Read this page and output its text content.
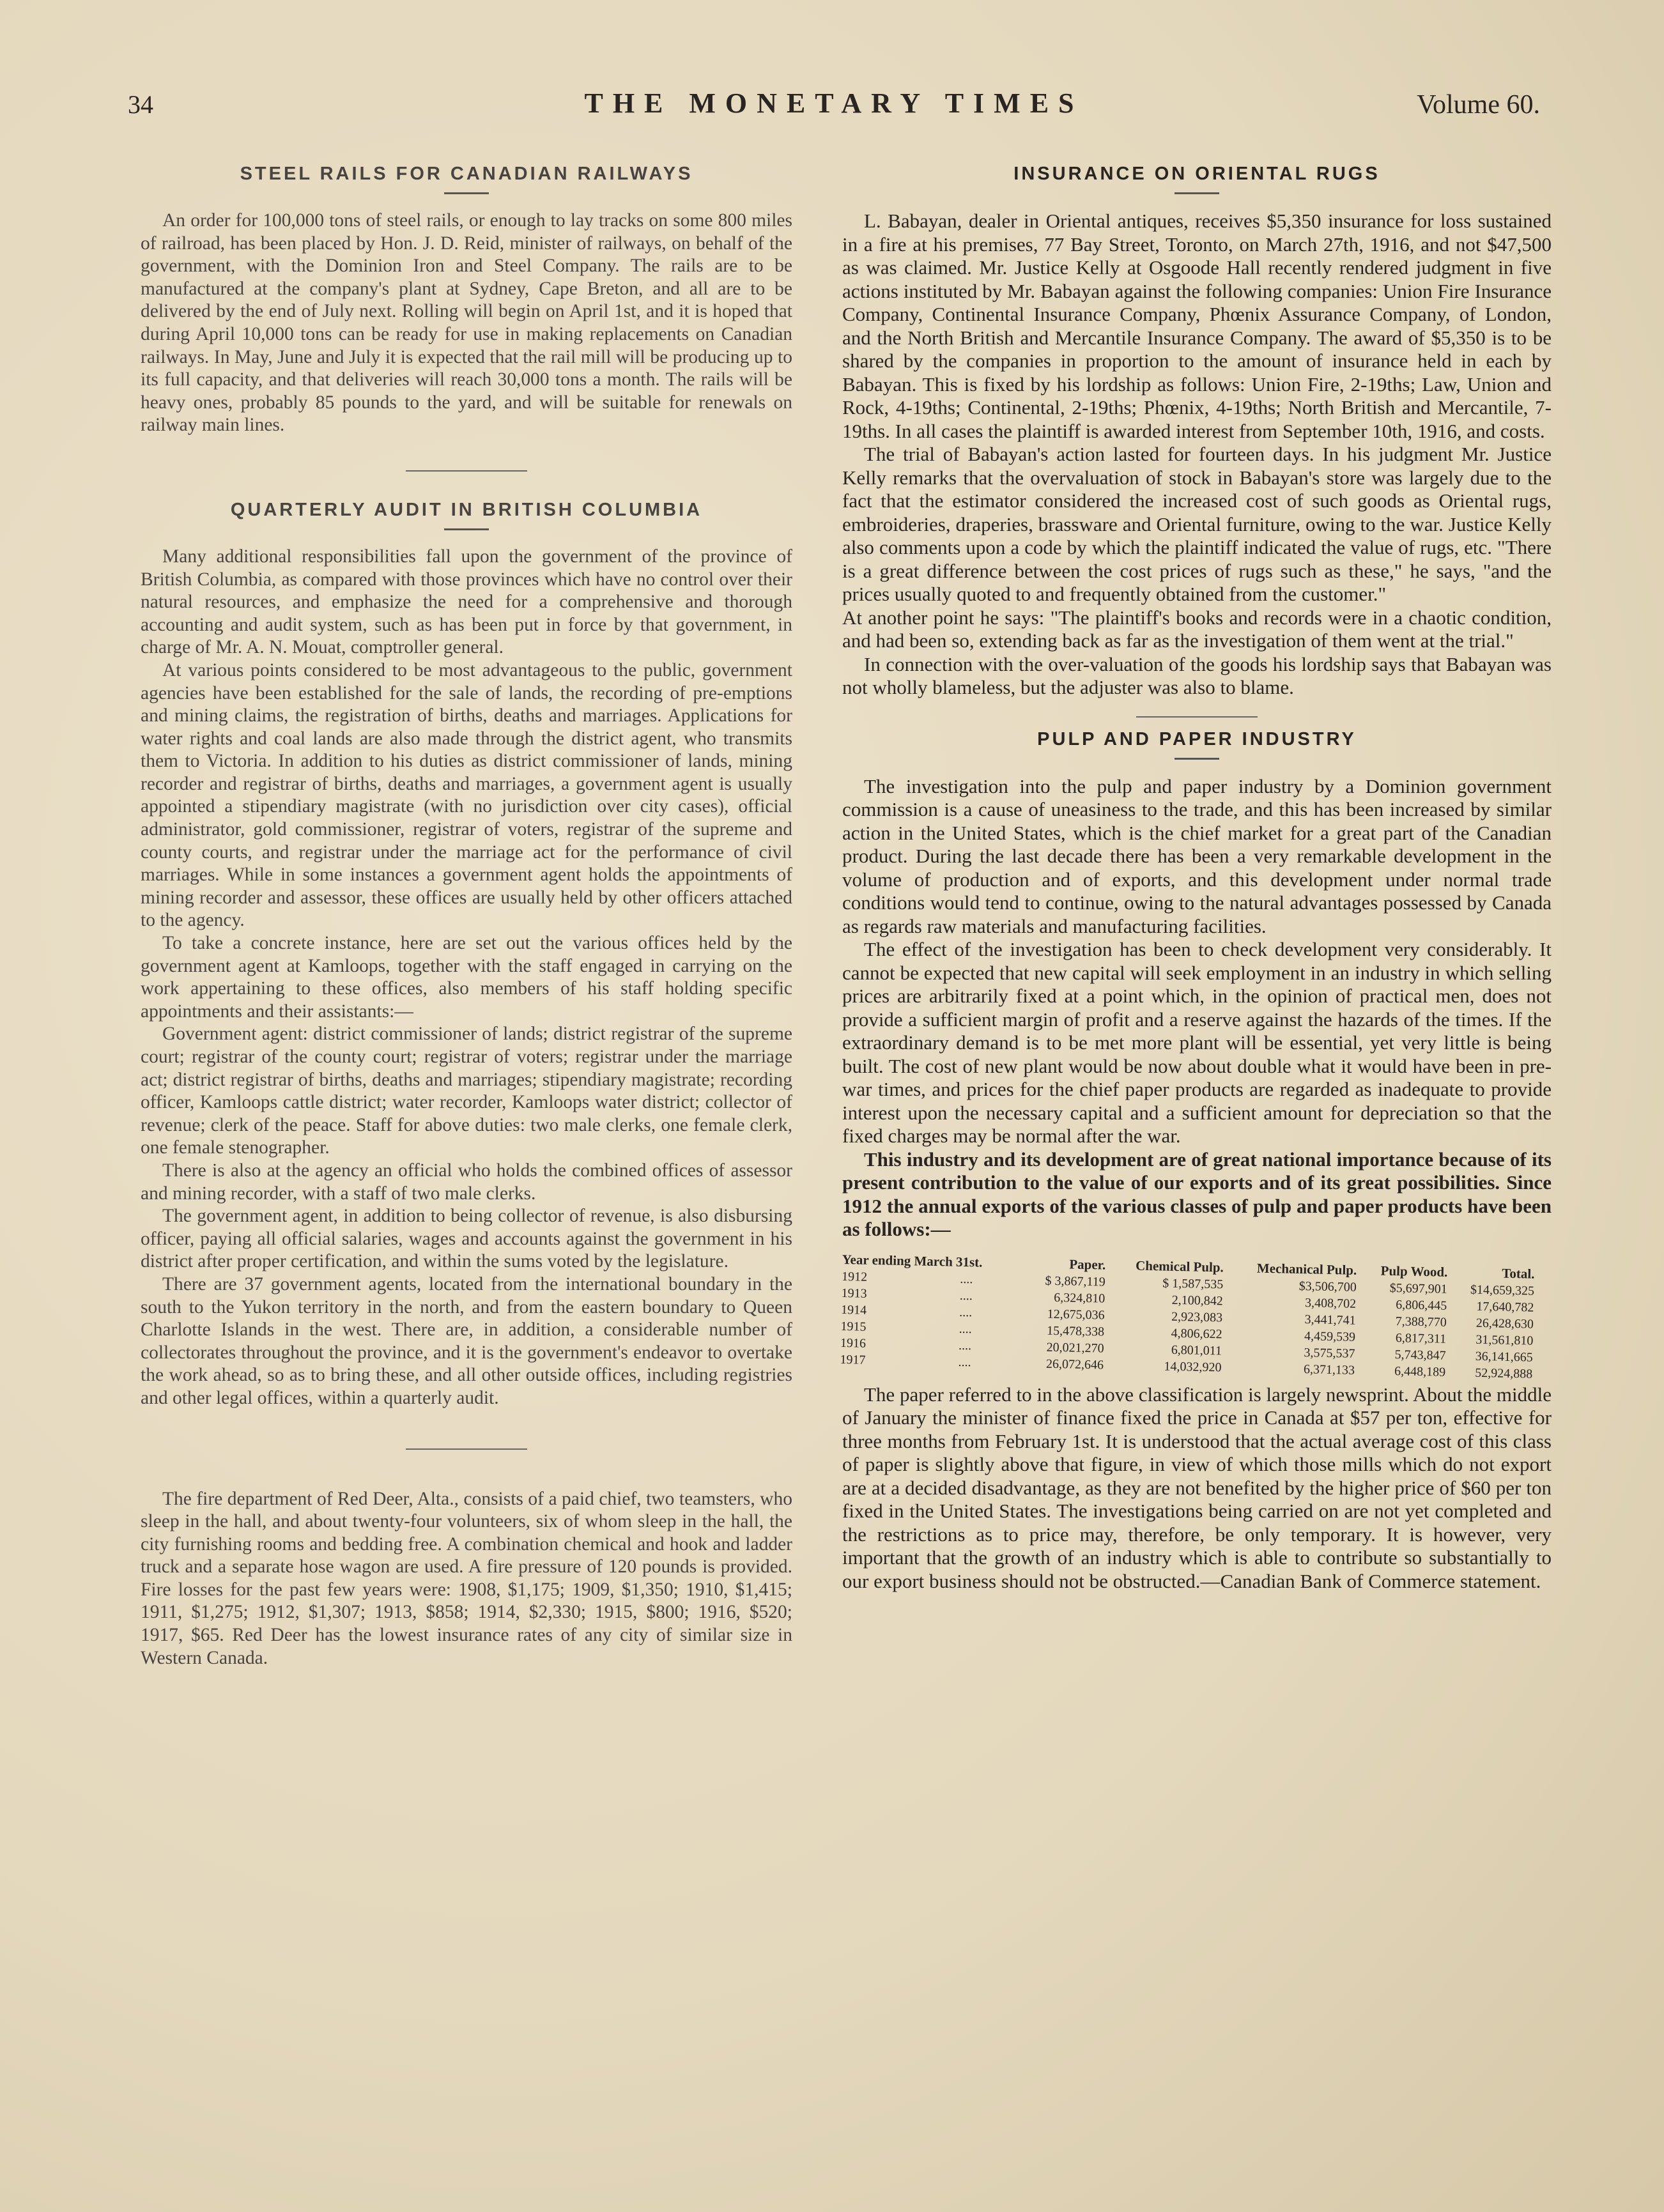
34	THE MONETARY TIMES	Volume 60.
STEEL RAILS FOR CANADIAN RAILWAYS

An order for 100,000 tons of steel rails, or enough to lay tracks on some 800 miles of railroad, has been placed by Hon. J. D. Reid, minister of railways, on behalf of the government, with the Dominion Iron and Steel Company. The rails are to be manufactured at the company's plant at Sydney, Cape Breton, and all are to be delivered by the end of July next. Rolling will begin on April 1st, and it is hoped that during April 10,000 tons can be ready for use in making replacements on Canadian railways. In May, June and July it is expected that the rail mill will be producing up to its full capacity, and that deliveries will reach 30,000 tons a month. The rails will be heavy ones, probably 85 pounds to the yard, and will be suitable for renewals on railway main lines.

QUARTERLY AUDIT IN BRITISH COLUMBIA

Many additional responsibilities fall upon the government of the province of British Columbia, as compared with those provinces which have no control over their natural resources, and emphasize the need for a comprehensive and thorough accounting and audit system, such as has been put in force by that government, in charge of Mr. A. N. Mouat, comptroller general.

At various points considered to be most advantageous to the public, government agencies have been established for the sale of lands, the recording of pre-emptions and mining claims, the registration of births, deaths and marriages. Applications for water rights and coal lands are also made through the district agent, who transmits them to Victoria. In addition to his duties as district commissioner of lands, mining recorder and registrar of births, deaths and marriages, a government agent is usually appointed a stipendiary magistrate (with no jurisdiction over city cases), official administrator, gold commissioner, registrar of voters, registrar of the supreme and county courts, and registrar under the marriage act for the performance of civil marriages. While in some instances a government agent holds the appointments of mining recorder and assessor, these offices are usually held by other officers attached to the agency.

To take a concrete instance, here are set out the various offices held by the government agent at Kamloops, together with the staff engaged in carrying on the work appertaining to these offices, also members of his staff holding specific appointments and their assistants:—

Government agent: district commissioner of lands; district registrar of the supreme court; registrar of the county court; registrar of voters; registrar under the marriage act; district registrar of births, deaths and marriages; stipendiary magistrate; recording officer, Kamloops cattle district; water recorder, Kamloops water district; collector of revenue; clerk of the peace. Staff for above duties: two male clerks, one female clerk, one female stenographer.

There is also at the agency an official who holds the combined offices of assessor and mining recorder, with a staff of two male clerks.

The government agent, in addition to being collector of revenue, is also disbursing officer, paying all official salaries, wages and accounts against the government in his district after proper certification, and within the sums voted by the legislature.

There are 37 government agents, located from the international boundary in the south to the Yukon territory in the north, and from the eastern boundary to Queen Charlotte Islands in the west. There are, in addition, a considerable number of collectorates throughout the province, and it is the government's endeavor to overtake the work ahead, so as to bring these, and all other outside offices, including registries and other legal offices, within a quarterly audit.

The fire department of Red Deer, Alta., consists of a paid chief, two teamsters, who sleep in the hall, and about twenty-four volunteers, six of whom sleep in the hall, the city furnishing rooms and bedding free. A combination chemical and hook and ladder truck and a separate hose wagon are used. A fire pressure of 120 pounds is provided. Fire losses for the past few years were: 1908, $1,175; 1909, $1,350; 1910, $1,415; 1911, $1,275; 1912, $1,307; 1913, $858; 1914, $2,330; 1915, $800; 1916, $520; 1917, $65. Red Deer has the lowest insurance rates of any city of similar size in Western Canada.

INSURANCE ON ORIENTAL RUGS

L. Babayan, dealer in Oriental antiques, receives $5,350 insurance for loss sustained in a fire at his premises, 77 Bay Street, Toronto, on March 27th, 1916, and not $47,500 as was claimed. Mr. Justice Kelly at Osgoode Hall recently rendered judgment in five actions instituted by Mr. Babayan against the following companies: Union Fire Insurance Company, Continental Insurance Company, Phœnix Assurance Company, of London, and the North British and Mercantile Insurance Company. The award of $5,350 is to be shared by the companies in proportion to the amount of insurance held in each by Babayan. This is fixed by his lordship as follows: Union Fire, 2-19ths; Law, Union and Rock, 4-19ths; Continental, 2-19ths; Phœnix, 4-19ths; North British and Mercantile, 7-19ths. In all cases the plaintiff is awarded interest from September 10th, 1916, and costs.

The trial of Babayan's action lasted for fourteen days. In his judgment Mr. Justice Kelly remarks that the overvaluation of stock in Babayan's store was largely due to the fact that the estimator considered the increased cost of such goods as Oriental rugs, embroideries, draperies, brassware and Oriental furniture, owing to the war. Justice Kelly also comments upon a code by which the plaintiff indicated the value of rugs, etc. "There is a great difference between the cost prices of rugs such as these," he says, "and the prices usually quoted to and frequently obtained from the customer."

At another point he says: "The plaintiff's books and records were in a chaotic condition, and had been so, extending back as far as the investigation of them went at the trial."

In connection with the over-valuation of the goods his lordship says that Babayan was not wholly blameless, but the adjuster was also to blame.

PULP AND PAPER INDUSTRY

The investigation into the pulp and paper industry by a Dominion government commission is a cause of uneasiness to the trade, and this has been increased by similar action in the United States, which is the chief market for a great part of the Canadian product. During the last decade there has been a very remarkable development in the volume of production and of exports, and this development under normal trade conditions would tend to continue, owing to the natural advantages possessed by Canada as regards raw materials and manufacturing facilities.

The effect of the investigation has been to check development very considerably. It cannot be expected that new capital will seek employment in an industry in which selling prices are arbitrarily fixed at a point which, in the opinion of practical men, does not provide a sufficient margin of profit and a reserve against the hazards of the times. If the extraordinary demand is to be met more plant will be essential, yet very little is being built. The cost of new plant would be now about double what it would have been in pre-war times, and prices for the chief paper products are regarded as inadequate to provide interest upon the necessary capital and a sufficient amount for depreciation so that the fixed charges may be normal after the war.

This industry and its development are of great national importance because of its present contribution to the value of our exports and of its great possibilities. Since 1912 the annual exports of the various classes of pulp and paper products have been as follows:—

Year ending March 31st.		Paper.	Chemical Pulp.	Mechanical Pulp.	Pulp Wood.	Total.
1912	....	$ 3,867,119	$ 1,587,535	$3,506,700	$5,697,901	$14,659,325
1913	....	6,324,810	2,100,842	3,408,702	6,806,445	17,640,782
1914	....	12,675,036	2,923,083	3,441,741	7,388,770	26,428,630
1915	....	15,478,338	4,806,622	4,459,539	6,817,311	31,561,810
1916	....	20,021,270	6,801,011	3,575,537	5,743,847	36,141,665
1917	....	26,072,646	14,032,920	6,371,133	6,448,189	52,924,888

The paper referred to in the above classification is largely newsprint. About the middle of January the minister of finance fixed the price in Canada at $57 per ton, effective for three months from February 1st. It is understood that the actual average cost of this class of paper is slightly above that figure, in view of which those mills which do not export are at a decided disadvantage, as they are not benefited by the higher price of $60 per ton fixed in the United States. The investigations being carried on are not yet completed and the restrictions as to price may, therefore, be only temporary. It is however, very important that the growth of an industry which is able to contribute so substantially to our export business should not be obstructed.—Canadian Bank of Commerce statement.
